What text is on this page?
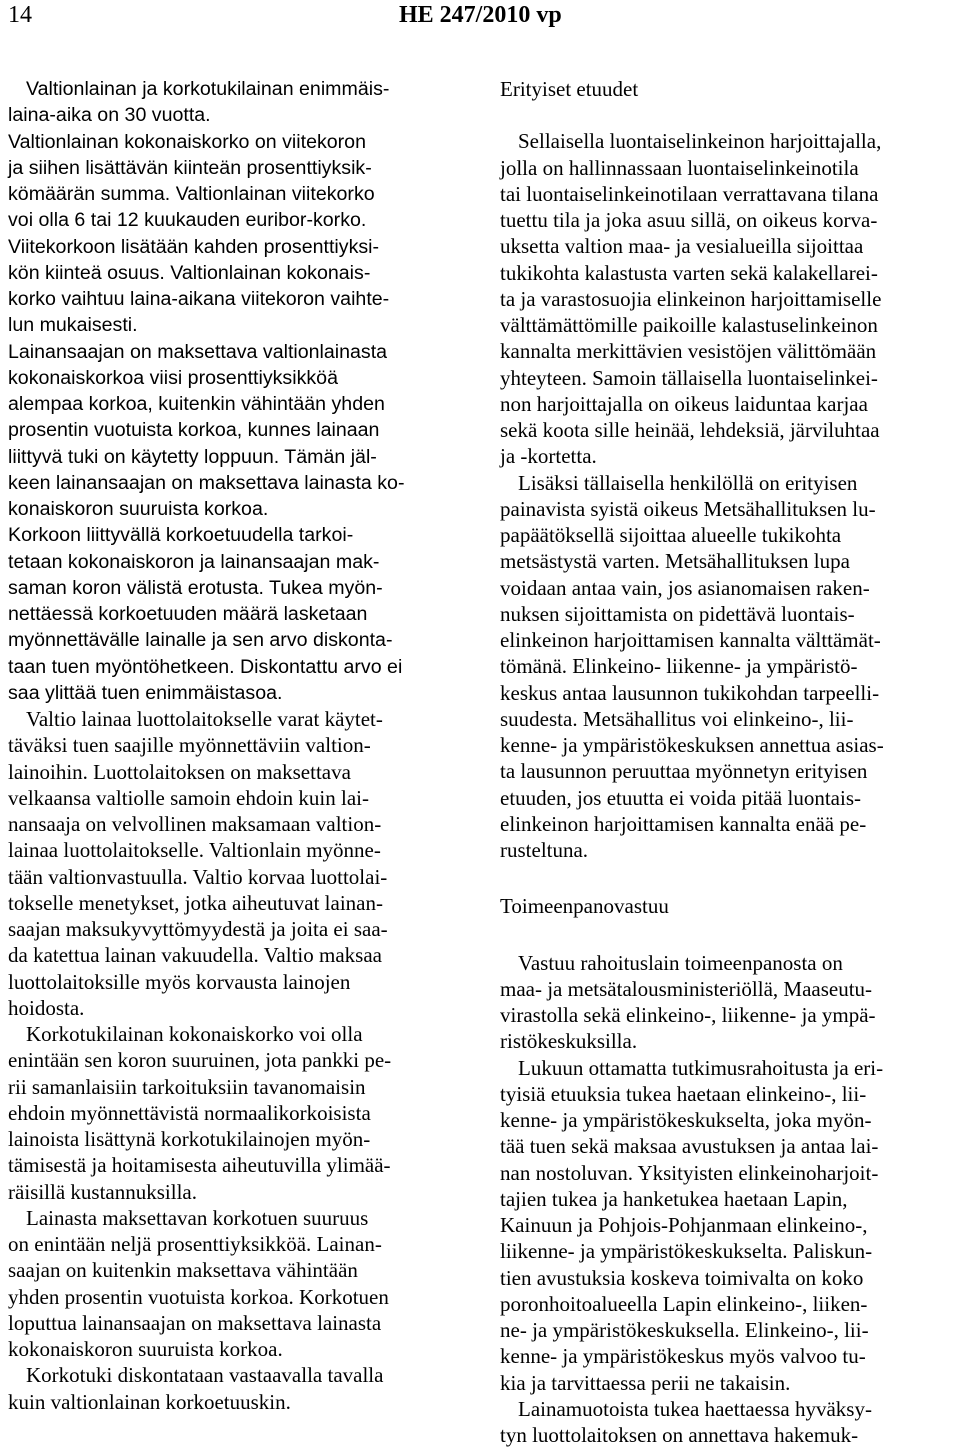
14	HE 247/2010 vp

Valtionlainan ja korkotukilainan enimmäis-
laina-aika on 30 vuotta.
Valtionlainan kokonaiskorko on viitekoron
ja siihen lisättävän kiinteän prosenttiyksik-
kömäärän summa. Valtionlainan viitekorko
voi olla 6 tai 12 kuukauden euribor-korko.
Viitekorkoon lisätään kahden prosenttiyksi-
kön kiinteä osuus. Valtionlainan kokonais-
korko vaihtuu laina-aikana viitekoron vaihte-
lun mukaisesti.
Lainansaajan on maksettava valtionlainasta
kokonaiskorkoa viisi prosenttiyksikköä
alempaa korkoa, kuitenkin vähintään yhden
prosentin vuotuista korkoa, kunnes lainaan
liittyvä tuki on käytetty loppuun. Tämän jäl-
keen lainansaajan on maksettava lainasta ko-
konaiskoron suuruista korkoa.
Korkoon liittyvällä korkoetuudella tarkoi-
tetaan kokonaiskoron ja lainansaajan mak-
saman koron välistä erotusta. Tukea myön-
nettäessä korkoetuuden määrä lasketaan
myönnettävälle lainalle ja sen arvo diskonta-
taan tuen myöntöhetkeen. Diskontattu arvo ei
saa ylittää tuen enimmäistasoa.

Valtio lainaa luottolaitokselle varat käytet-
täväksi tuen saajille myönnettäviin valtion-
lainoihin. Luottolaitoksen on maksettava
velkaansa valtiolle samoin ehdoin kuin lai-
nansaaja on velvollinen maksamaan valtion-
lainaa luottolaitokselle. Valtionlain myönne-
tään valtionvastuulla. Valtio korvaa luottolai-
tokselle menetykset, jotka aiheutuvat lainan-
saajan maksukyvyttömyydestä ja joita ei saa-
da katettua lainan vakuudella. Valtio maksaa
luottolaitoksille myös korvausta lainojen
hoidosta.

Korkotukilainan kokonaiskorko voi olla
enintään sen koron suuruinen, jota pankki pe-
rii samanlaisiin tarkoituksiin tavanomaisin
ehdoin myönnettävistä normaalikorkoisista
lainoista lisättynä korkotukilainojen myön-
tämisestä ja hoitamisesta aiheutuvilla ylimää-
räisillä kustannuksilla.

Lainasta maksettavan korkotuen suuruus
on enintään neljä prosenttiyksikköä. Lainan-
saajan on kuitenkin maksettava vähintään
yhden prosentin vuotuista korkoa. Korkotuen
loputtua lainansaajan on maksettava lainasta
kokonaiskoron suuruista korkoa.

Korkotuki diskontataan vastaavalla tavalla
kuin valtionlainan korkoetuuskin.

Erityiset etuudet

Sellaisella luontaiselinkeinon harjoittajalla,
jolla on hallinnassaan luontaiselinkeinotila
tai luontaiselinkeinotilaan verrattavana tilana
tuettu tila ja joka asuu sillä, on oikeus korva-
uksetta valtion maa- ja vesialueilla sijoittaa
tukikohta kalastusta varten sekä kalakellarei-
ta ja varastosuojia elinkeinon harjoittamiselle
välttämättömille paikoille kalastuselinkeinon
kannalta merkittävien vesistöjen välittömään
yhteyteen. Samoin tällaisella luontaiselinkei-
non harjoittajalla on oikeus laiduntaa karjaa
sekä koota sille heinää, lehdeksiä, järviluhtaa
ja -kortetta.

Lisäksi tällaisella henkilöllä on erityisen
painavista syistä oikeus Metsähallituksen lu-
papäätöksellä sijoittaa alueelle tukikohta
metsästystä varten. Metsähallituksen lupa
voidaan antaa vain, jos asianomaisen raken-
nuksen sijoittamista on pidettävä luontais-
elinkeinon harjoittamisen kannalta välttämät-
tömänä. Elinkeino- liikenne- ja ympäristö-
keskus antaa lausunnon tukikohdan tarpeelli-
suudesta. Metsähallitus voi elinkeino-, lii-
kenne- ja ympäristökeskuksen annettua asias-
ta lausunnon peruuttaa myönnetyn erityisen
etuuden, jos etuutta ei voida pitää luontais-
elinkeinon harjoittamisen kannalta enää pe-
rusteltuna.

Toimeenpanovastuu

Vastuu rahoituslain toimeenpanosta on
maa- ja metsätalousministeriöllä, Maaseutu-
virastolla sekä elinkeino-, liikenne- ja ympä-
ristökeskuksilla.

Lukuun ottamatta tutkimusrahoitusta ja eri-
tyisiä etuuksia tukea haetaan elinkeino-, lii-
kenne- ja ympäristökeskukselta, joka myön-
tää tuen sekä maksaa avustuksen ja antaa lai-
nan nostoluvan. Yksityisten elinkeinoharjoit-
tajien tukea ja hanketukea haetaan Lapin,
Kainuun ja Pohjois-Pohjanmaan elinkeino-,
liikenne- ja ympäristökeskukselta. Paliskun-
tien avustuksia koskeva toimivalta on koko
poronhoitoalueella Lapin elinkeino-, liiken-
ne- ja ympäristökeskuksella. Elinkeino-, lii-
kenne- ja ympäristökeskus myös valvoo tu-
kia ja tarvittaessa perii ne takaisin.

Lainamuotoista tukea haettaessa hyväksy-
tyn luottolaitoksen on annettava hakemuk-
